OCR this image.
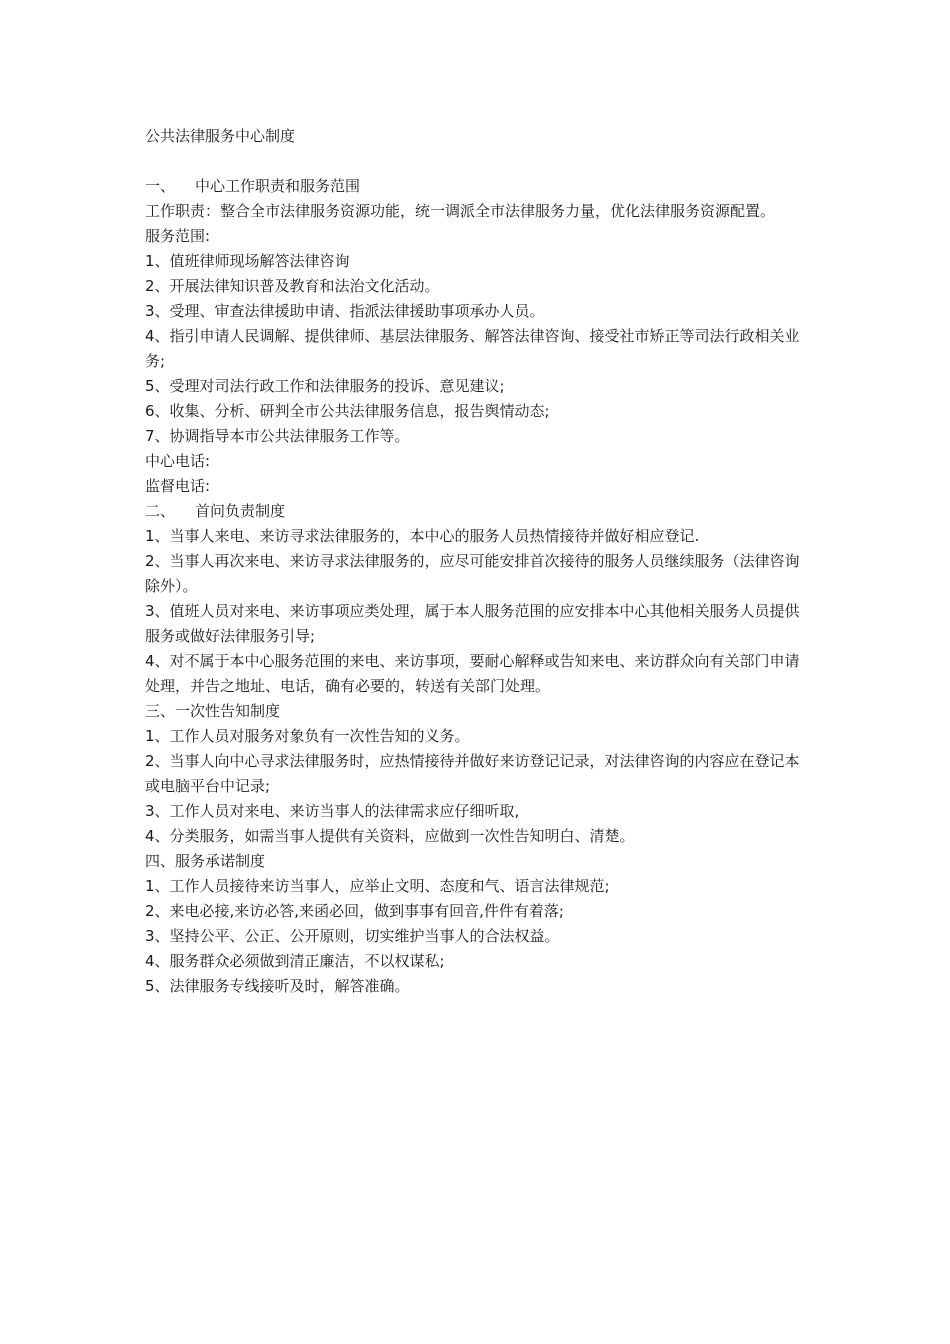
公共法律服务中心制度

一、 中心工作职责和服务范围

工作职责：整合全市法律服务资源功能，统一调派全市法律服务力量，优化法律服务资源配置。

服务范围:

1、值班律师现场解答法律咨询

2、开展法律知识普及教育和法治文化活动。

3、受理、审查法律援助申请、指派法律援助事项承办人员。

4、指引申请人民调解、提供律师、基层法律服务、解答法律咨询、接受社市矫正等司法行政相关业务;

5、受理对司法行政工作和法律服务的投诉、意见建议;

6、收集、分析、研判全市公共法律服务信息，报告舆情动态;

7、协调指导本市公共法律服务工作等。

中心电话:

监督电话:

二、 首问负责制度

1、当事人来电、来访寻求法律服务的，本中心的服务人员热情接待并做好相应登记.

2、当事人再次来电、来访寻求法律服务的，应尽可能安排首次接待的服务人员继续服务（法律咨询除外）。

3、值班人员对来电、来访事项应类处理，属于本人服务范围的应安排本中心其他相关服务人员提供服务或做好法律服务引导;

4、对不属于本中心服务范围的来电、来访事项，要耐心解释或告知来电、来访群众向有关部门申请处理，并告之地址、电话，确有必要的，转送有关部门处理。

三、一次性告知制度

1、工作人员对服务对象负有一次性告知的义务。

2、当事人向中心寻求法律服务时，应热情接待并做好来访登记记录，对法律咨询的内容应在登记本或电脑平台中记录;

3、工作人员对来电、来访当事人的法律需求应仔细听取,

4、分类服务，如需当事人提供有关资料，应做到一次性告知明白、清楚。

四、服务承诺制度

1、工作人员接待来访当事人，应举止文明、态度和气、语言法律规范;

2、来电必接,来访必答,来函必回，做到事事有回音,件件有着落;

3、坚持公平、公正、公开原则，切实维护当事人的合法权益。

4、服务群众必须做到清正廉洁，不以权谋私;

5、法律服务专线接听及时，解答准确。
